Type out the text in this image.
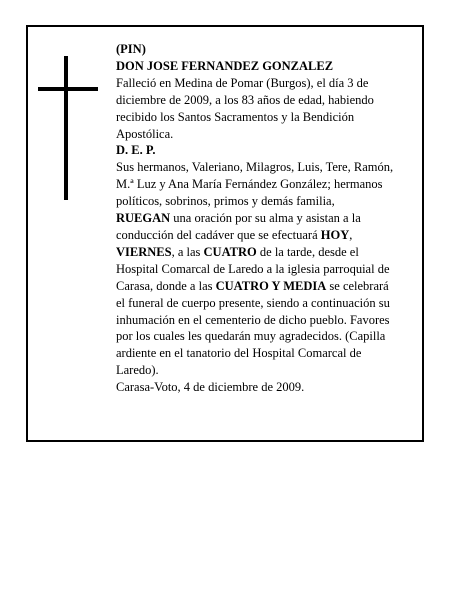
(PIN)

DON JOSE FERNANDEZ GONZALEZ

Falleció en Medina de Pomar (Burgos), el día 3 de

diciembre de 2009, a los 83 años de edad, habiendo

recibido los Santos Sacramentos y la Bendición

Apostólica.

D. E. P.

Sus hermanos, Valeriano, Milagros, Luis, Tere, Ramón,

M.ª Luz y Ana María Fernández González; hermanos

políticos, sobrinos, primos y demás familia,

RUEGAN una oración por su alma y asistan a la

conducción del cadáver que se efectuará HOY,

VIERNES, a las CUATRO de la tarde, desde el

Hospital Comarcal de Laredo a la iglesia parroquial de

Carasa, donde a las CUATRO Y MEDIA se celebrará

el funeral de cuerpo presente, siendo a continuación su

inhumación en el cementerio de dicho pueblo. Favores

por los cuales les quedarán muy agradecidos. (Capilla

ardiente en el tanatorio del Hospital Comarcal de

Laredo).

Carasa-Voto, 4 de diciembre de 2009.
